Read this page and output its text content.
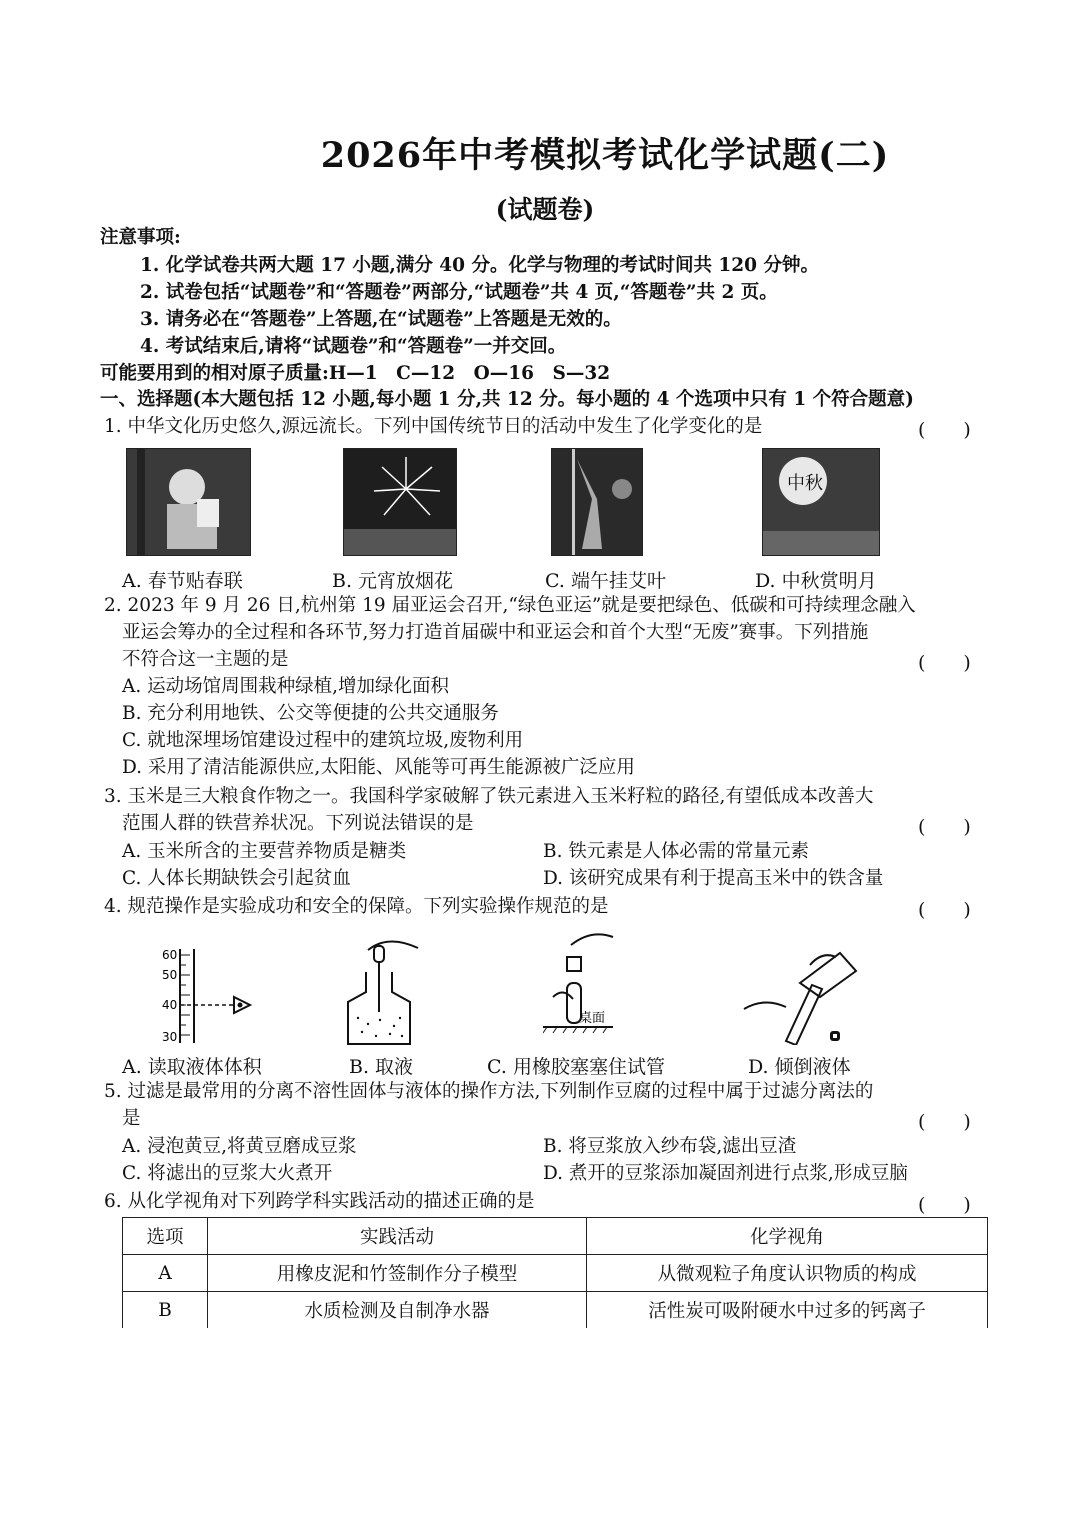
2026年中考模拟考试化学试题(二)
(试题卷)
注意事项:
1. 化学试卷共两大题 17 小题,满分 40 分。化学与物理的考试时间共 120 分钟。
2. 试卷包括“试题卷”和“答题卷”两部分,“试题卷”共 4 页,“答题卷”共 2 页。
3. 请务必在“答题卷”上答题,在“试题卷”上答题是无效的。
4. 考试结束后,请将“试题卷”和“答题卷”一并交回。
可能要用到的相对原子质量:H—1　C—12　O—16　S—32
一、选择题(本大题包括 12 小题,每小题 1 分,共 12 分。每小题的 4 个选项中只有 1 个符合题意)
1. 中华文化历史悠久,源远流长。下列中国传统节日的活动中发生了化学变化的是	(　　)
中秋
A. 春节贴春联	B. 元宵放烟花	C. 端午挂艾叶	D. 中秋赏明月
2. 2023 年 9 月 26 日,杭州第 19 届亚运会召开,“绿色亚运”就是要把绿色、低碳和可持续理念融入
亚运会筹办的全过程和各环节,努力打造首届碳中和亚运会和首个大型“无废”赛事。下列措施
不符合这一主题的是	(　　)
A. 运动场馆周围栽种绿植,增加绿化面积
B. 充分利用地铁、公交等便捷的公共交通服务
C. 就地深埋场馆建设过程中的建筑垃圾,废物利用
D. 采用了清洁能源供应,太阳能、风能等可再生能源被广泛应用
3. 玉米是三大粮食作物之一。我国科学家破解了铁元素进入玉米籽粒的路径,有望低成本改善大
范围人群的铁营养状况。下列说法错误的是	(　　)
A. 玉米所含的主要营养物质是糖类	B. 铁元素是人体必需的常量元素
C. 人体长期缺铁会引起贫血	D. 该研究成果有利于提高玉米中的铁含量
4. 规范操作是实验成功和安全的保障。下列实验操作规范的是	(　　)
60
50
40
30
桌面
A. 读取液体体积	B. 取液	C. 用橡胶塞塞住试管	D. 倾倒液体
5. 过滤是最常用的分离不溶性固体与液体的操作方法,下列制作豆腐的过程中属于过滤分离法的
是	(　　)
A. 浸泡黄豆,将黄豆磨成豆浆	B. 将豆浆放入纱布袋,滤出豆渣
C. 将滤出的豆浆大火煮开	D. 煮开的豆浆添加凝固剂进行点浆,形成豆脑
6. 从化学视角对下列跨学科实践活动的描述正确的是	(　　)
选项	实践活动	化学视角
A	用橡皮泥和竹签制作分子模型	从微观粒子角度认识物质的构成
B	水质检测及自制净水器	活性炭可吸附硬水中过多的钙离子
